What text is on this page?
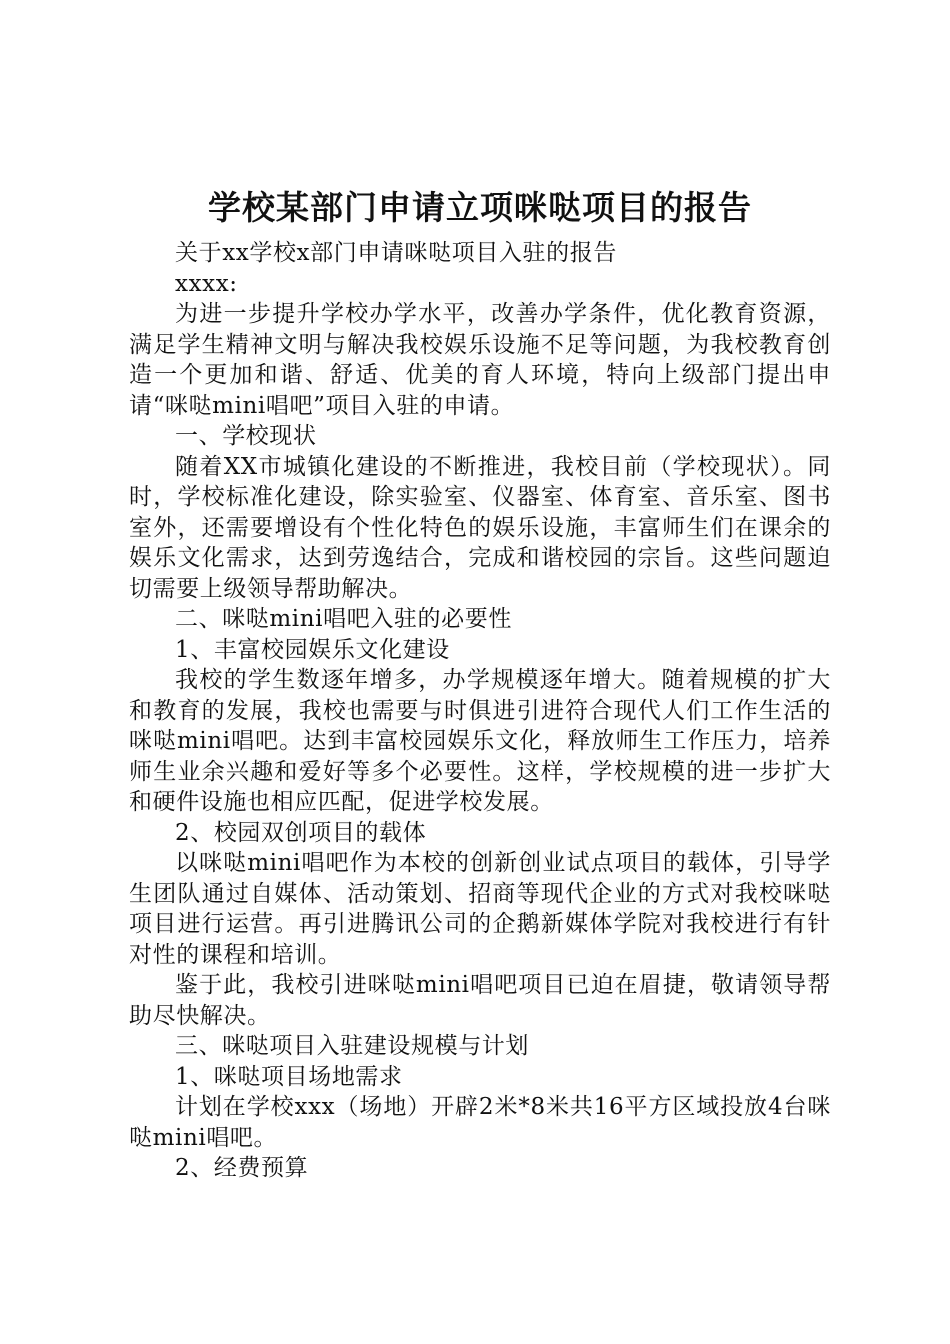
学校某部门申请立项咪哒项目的报告

关于xx学校x部门申请咪哒项目入驻的报告

xxxx:

为进一步提升学校办学水平，改善办学条件，优化教育资源，满足学生精神文明与解决我校娱乐设施不足等问题，为我校教育创造一个更加和谐、舒适、优美的育人环境，特向上级部门提出申请“咪哒mini唱吧”项目入驻的申请。

一、学校现状

随着XX市城镇化建设的不断推进，我校目前（学校现状）。同时，学校标准化建设，除实验室、仪器室、体育室、音乐室、图书室外，还需要增设有个性化特色的娱乐设施，丰富师生们在课余的娱乐文化需求，达到劳逸结合，完成和谐校园的宗旨。这些问题迫切需要上级领导帮助解决。

二、咪哒mini唱吧入驻的必要性

1、丰富校园娱乐文化建设

我校的学生数逐年增多，办学规模逐年增大。随着规模的扩大和教育的发展，我校也需要与时俱进引进符合现代人们工作生活的咪哒mini唱吧。达到丰富校园娱乐文化，释放师生工作压力，培养师生业余兴趣和爱好等多个必要性。这样，学校规模的进一步扩大和硬件设施也相应匹配，促进学校发展。

2、校园双创项目的载体

以咪哒mini唱吧作为本校的创新创业试点项目的载体，引导学生团队通过自媒体、活动策划、招商等现代企业的方式对我校咪哒项目进行运营。再引进腾讯公司的企鹅新媒体学院对我校进行有针对性的课程和培训。

鉴于此，我校引进咪哒mini唱吧项目已迫在眉捷，敬请领导帮助尽快解决。

三、咪哒项目入驻建设规模与计划

1、咪哒项目场地需求

计划在学校xxx（场地）开辟2米*8米共16平方区域投放4台咪哒mini唱吧。

2、经费预算
